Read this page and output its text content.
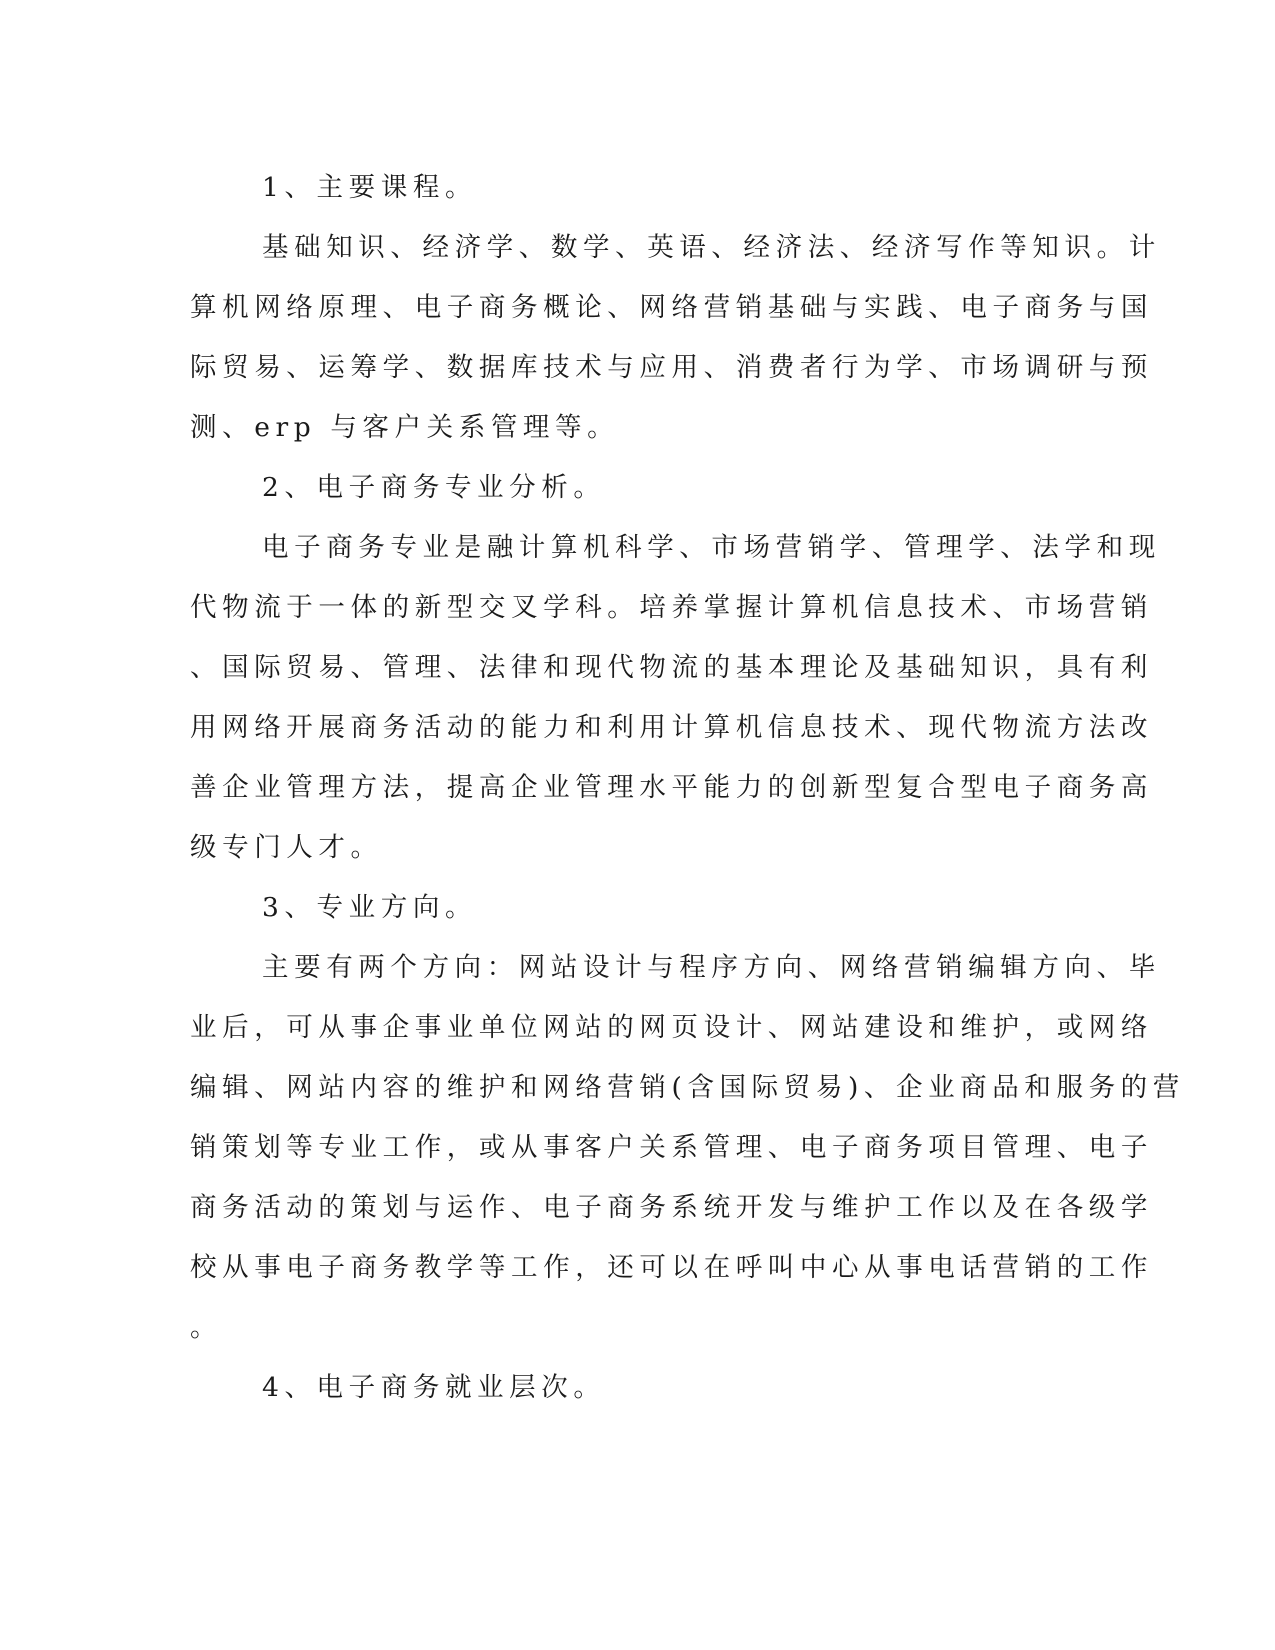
1、主要课程。
基础知识、经济学、数学、英语、经济法、经济写作等知识。计
算机网络原理、电子商务概论、网络营销基础与实践、电子商务与国
际贸易、运筹学、数据库技术与应用、消费者行为学、市场调研与预
测、erp 与客户关系管理等。
2、电子商务专业分析。
电子商务专业是融计算机科学、市场营销学、管理学、法学和现
代物流于一体的新型交叉学科。培养掌握计算机信息技术、市场营销
、国际贸易、管理、法律和现代物流的基本理论及基础知识，具有利
用网络开展商务活动的能力和利用计算机信息技术、现代物流方法改
善企业管理方法，提高企业管理水平能力的创新型复合型电子商务高
级专门人才。
3、专业方向。
主要有两个方向：网站设计与程序方向、网络营销编辑方向、毕
业后，可从事企事业单位网站的网页设计、网站建设和维护，或网络
编辑、网站内容的维护和网络营销(含国际贸易)、企业商品和服务的营
销策划等专业工作，或从事客户关系管理、电子商务项目管理、电子
商务活动的策划与运作、电子商务系统开发与维护工作以及在各级学
校从事电子商务教学等工作，还可以在呼叫中心从事电话营销的工作
。
4、电子商务就业层次。
